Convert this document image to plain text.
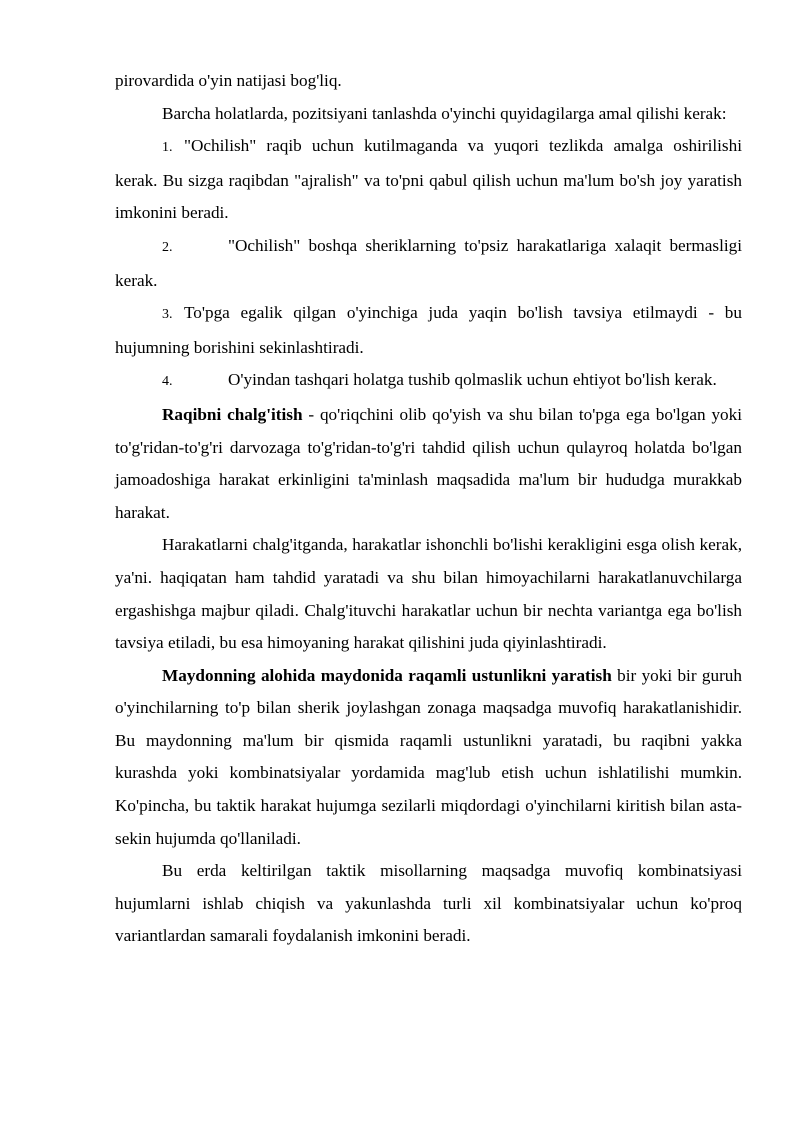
pirovardida o'yin natijasi bog'liq.

Barcha holatlarda, pozitsiyani tanlashda o'yinchi quyidagilarga amal qilishi kerak:

1. "Ochilish" raqib uchun kutilmaganda va yuqori tezlikda amalga oshirilishi kerak. Bu sizga raqibdan "ajralish" va to'pni qabul qilish uchun ma'lum bo'sh joy yaratish imkonini beradi.

2.	"Ochilish" boshqa sheriklarning to'psiz harakatlariga xalaqit bermasligi kerak.

3. To'pga egalik qilgan o'yinchiga juda yaqin bo'lish tavsiya etilmaydi - bu hujumning borishini sekinlashtiradi.

4.	O'yindan tashqari holatga tushib qolmaslik uchun ehtiyot bo'lish kerak.

Raqibni chalg'itish - qo'riqchini olib qo'yish va shu bilan to'pga ega bo'lgan yoki to'g'ridan-to'g'ri darvozaga to'g'ridan-to'g'ri tahdid qilish uchun qulayroq holatda bo'lgan jamoadoshiga harakat erkinligini ta'minlash maqsadida ma'lum bir hududga murakkab harakat.

Harakatlarni chalg'itganda, harakatlar ishonchli bo'lishi kerakligini esga olish kerak, ya'ni. haqiqatan ham tahdid yaratadi va shu bilan himoyachilarni harakatlanuvchilarga ergashishga majbur qiladi. Chalg'ituvchi harakatlar uchun bir nechta variantga ega bo'lish tavsiya etiladi, bu esa himoyaning harakat qilishini juda qiyinlashtiradi.

Maydonning alohida maydonida raqamli ustunlikni yaratish bir yoki bir guruh o'yinchilarning to'p bilan sherik joylashgan zonaga maqsadga muvofiq harakatlanishidir. Bu maydonning ma'lum bir qismida raqamli ustunlikni yaratadi, bu raqibni yakka kurashda yoki kombinatsiyalar yordamida mag'lub etish uchun ishlatilishi mumkin. Ko'pincha, bu taktik harakat hujumga sezilarli miqdordagi o'yinchilarni kiritish bilan asta-sekin hujumda qo'llaniladi.

Bu erda keltirilgan taktik misollarning maqsadga muvofiq kombinatsiyasi hujumlarni ishlab chiqish va yakunlashda turli xil kombinatsiyalar uchun ko'proq variantlardan samarali foydalanish imkonini beradi.
